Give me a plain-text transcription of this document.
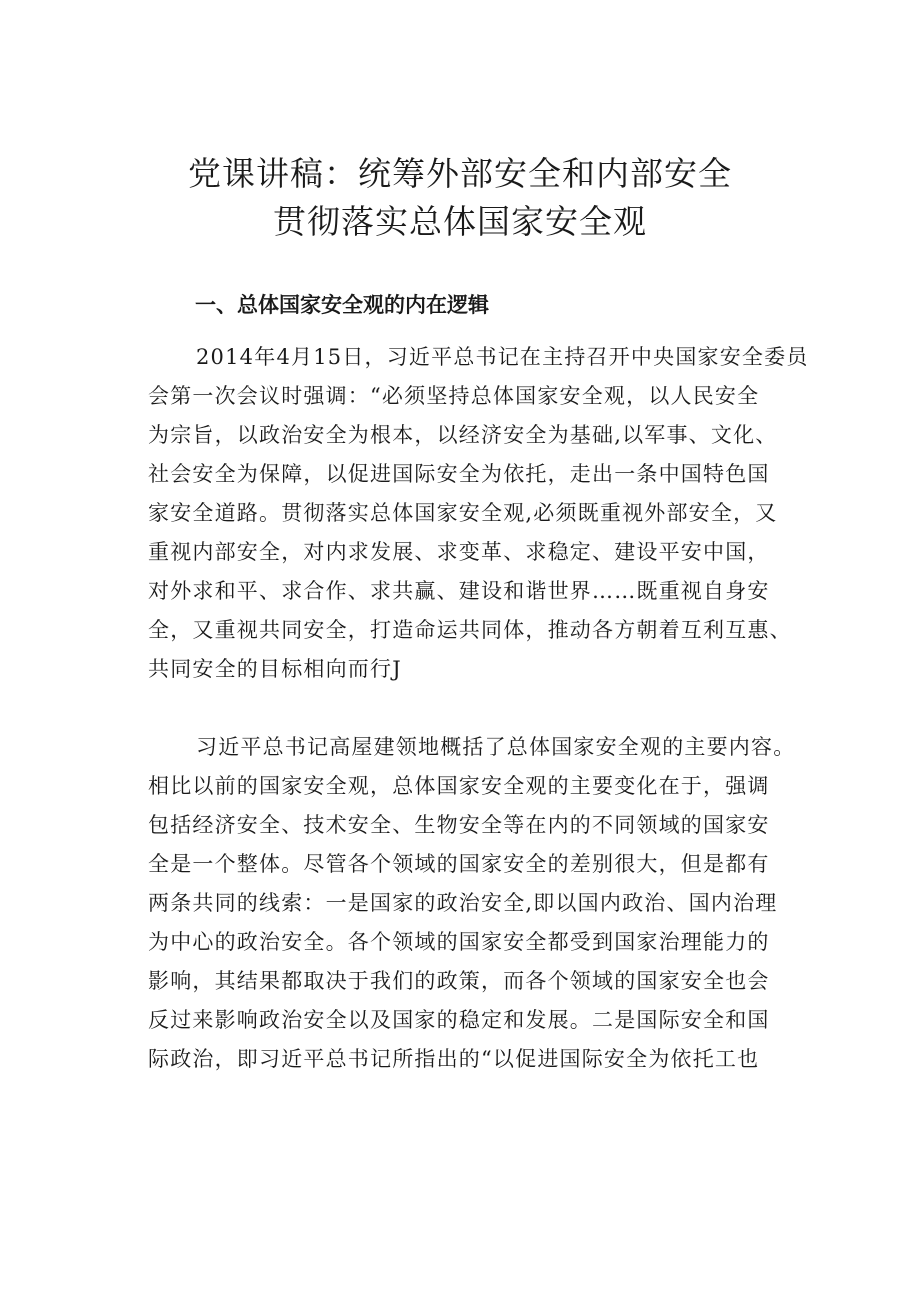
党课讲稿：统筹外部安全和内部安全
贯彻落实总体国家安全观
一、总体国家安全观的内在逻辑
2014年4月15日，习近平总书记在主持召开中央国家安全委员
会第一次会议时强调：“必须坚持总体国家安全观，以人民安全
为宗旨，以政治安全为根本，以经济安全为基础,以军事、文化、
社会安全为保障，以促进国际安全为依托，走出一条中国特色国
家安全道路。贯彻落实总体国家安全观,必须既重视外部安全，又
重视内部安全，对内求发展、求变革、求稳定、建设平安中国，
对外求和平、求合作、求共赢、建设和谐世界……既重视自身安
全，又重视共同安全，打造命运共同体，推动各方朝着互利互惠、
共同安全的目标相向而行J
习近平总书记高屋建领地概括了总体国家安全观的主要内容。
相比以前的国家安全观，总体国家安全观的主要变化在于，强调
包括经济安全、技术安全、生物安全等在内的不同领域的国家安
全是一个整体。尽管各个领域的国家安全的差别很大，但是都有
两条共同的线索：一是国家的政治安全,即以国内政治、国内治理
为中心的政治安全。各个领域的国家安全都受到国家治理能力的
影响，其结果都取决于我们的政策，而各个领域的国家安全也会
反过来影响政治安全以及国家的稳定和发展。二是国际安全和国
际政治，即习近平总书记所指出的“以促进国际安全为依托工也
